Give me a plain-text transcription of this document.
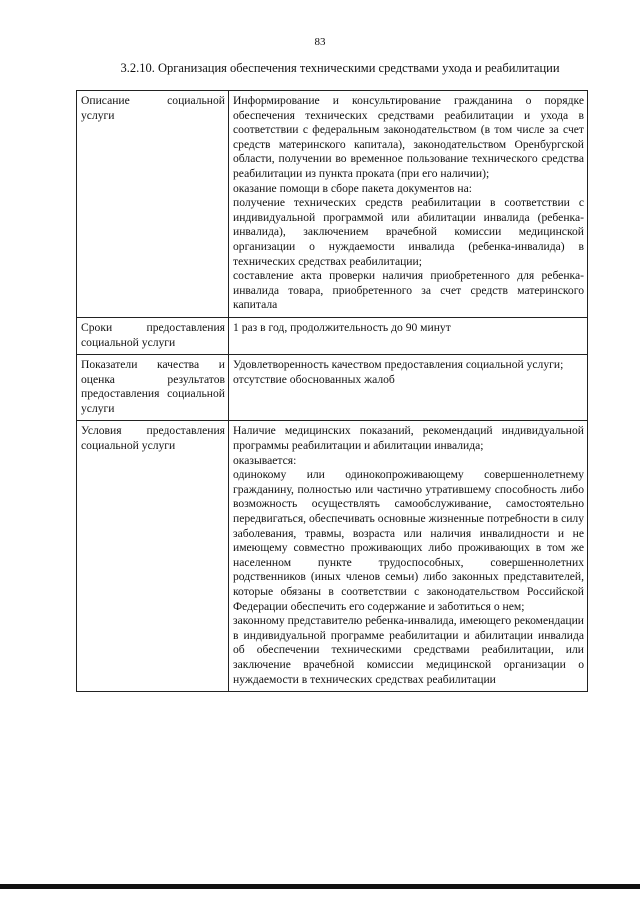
83
3.2.10. Организация обеспечения техническими средствами ухода и реабилитации
Описание социальной услуги	Информирование и консультирование гражданина о порядке обеспечения технических средствами реабилитации и ухода в соответствии с федеральным законодательством (в том числе за счет средств материнского капитала), законодательством Оренбургской области, получении во временное пользование технического средства реабилитации из пункта проката (при его наличии);
оказание помощи в сборе пакета документов на:
получение технических средств реабилитации в соответствии с индивидуальной программой или абилитации инвалида (ребенка-инвалида), заключением врачебной комиссии медицинской организации о нуждаемости инвалида (ребенка-инвалида) в технических средствах реабилитации;
составление акта проверки наличия приобретенного для ребенка-инвалида товара, приобретенного за счет средств материнского капитала

Сроки предоставления социальной услуги	1 раз в год, продолжительность до 90 минут

Показатели качества и оценка результатов предоставления социальной услуги	Удовлетворенность качеством предоставления социальной услуги;
отсутствие обоснованных жалоб

Условия предоставления социальной услуги	Наличие медицинских показаний, рекомендаций индивидуальной программы реабилитации и абилитации инвалида;
оказывается:
одинокому или одинокопроживающему совершеннолетнему гражданину, полностью или частично утратившему способность либо возможность осуществлять самообслуживание, самостоятельно передвигаться, обеспечивать основные жизненные потребности в силу заболевания, травмы, возраста или наличия инвалидности и не имеющему совместно проживающих либо проживающих в том же населенном пункте трудоспособных, совершеннолетних родственников (иных членов семьи) либо законных представителей, которые обязаны в соответствии с законодательством Российской Федерации обеспечить его содержание и заботиться о нем;
законному представителю ребенка-инвалида, имеющего рекомендации в индивидуальной программе реабилитации и абилитации инвалида об обеспечении техническими средствами реабилитации, или заключение врачебной комиссии медицинской организации о нуждаемости в технических средствах реабилитации
